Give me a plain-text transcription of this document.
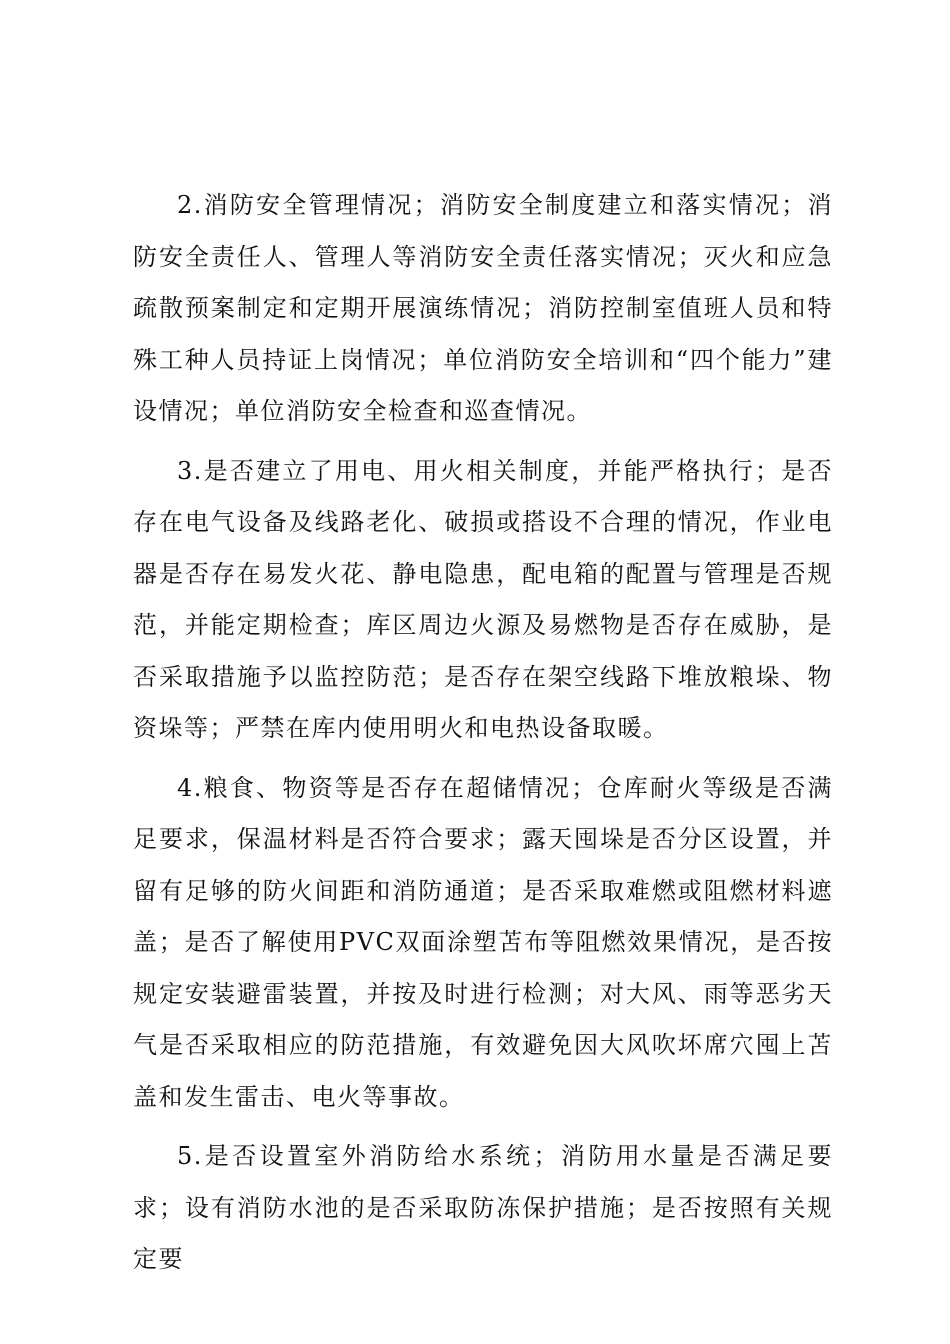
2.消防安全管理情况；消防安全制度建立和落实情况；消防安全责任人、管理人等消防安全责任落实情况；灭火和应急疏散预案制定和定期开展演练情况；消防控制室值班人员和特殊工种人员持证上岗情况；单位消防安全培训和“四个能力”建设情况；单位消防安全检查和巡查情况。

3.是否建立了用电、用火相关制度，并能严格执行；是否存在电气设备及线路老化、破损或搭设不合理的情况，作业电器是否存在易发火花、静电隐患，配电箱的配置与管理是否规范，并能定期检查；库区周边火源及易燃物是否存在威胁，是否采取措施予以监控防范；是否存在架空线路下堆放粮垛、物资垛等；严禁在库内使用明火和电热设备取暖。

4.粮食、物资等是否存在超储情况；仓库耐火等级是否满足要求，保温材料是否符合要求；露天囤垛是否分区设置，并留有足够的防火间距和消防通道；是否采取难燃或阻燃材料遮盖；是否了解使用PVC双面涂塑苫布等阻燃效果情况，是否按规定安装避雷装置，并按及时进行检测；对大风、雨等恶劣天气是否采取相应的防范措施，有效避免因大风吹坏席穴囤上苫盖和发生雷击、电火等事故。

5.是否设置室外消防给水系统；消防用水量是否满足要求；设有消防水池的是否采取防冻保护措施；是否按照有关规定要
